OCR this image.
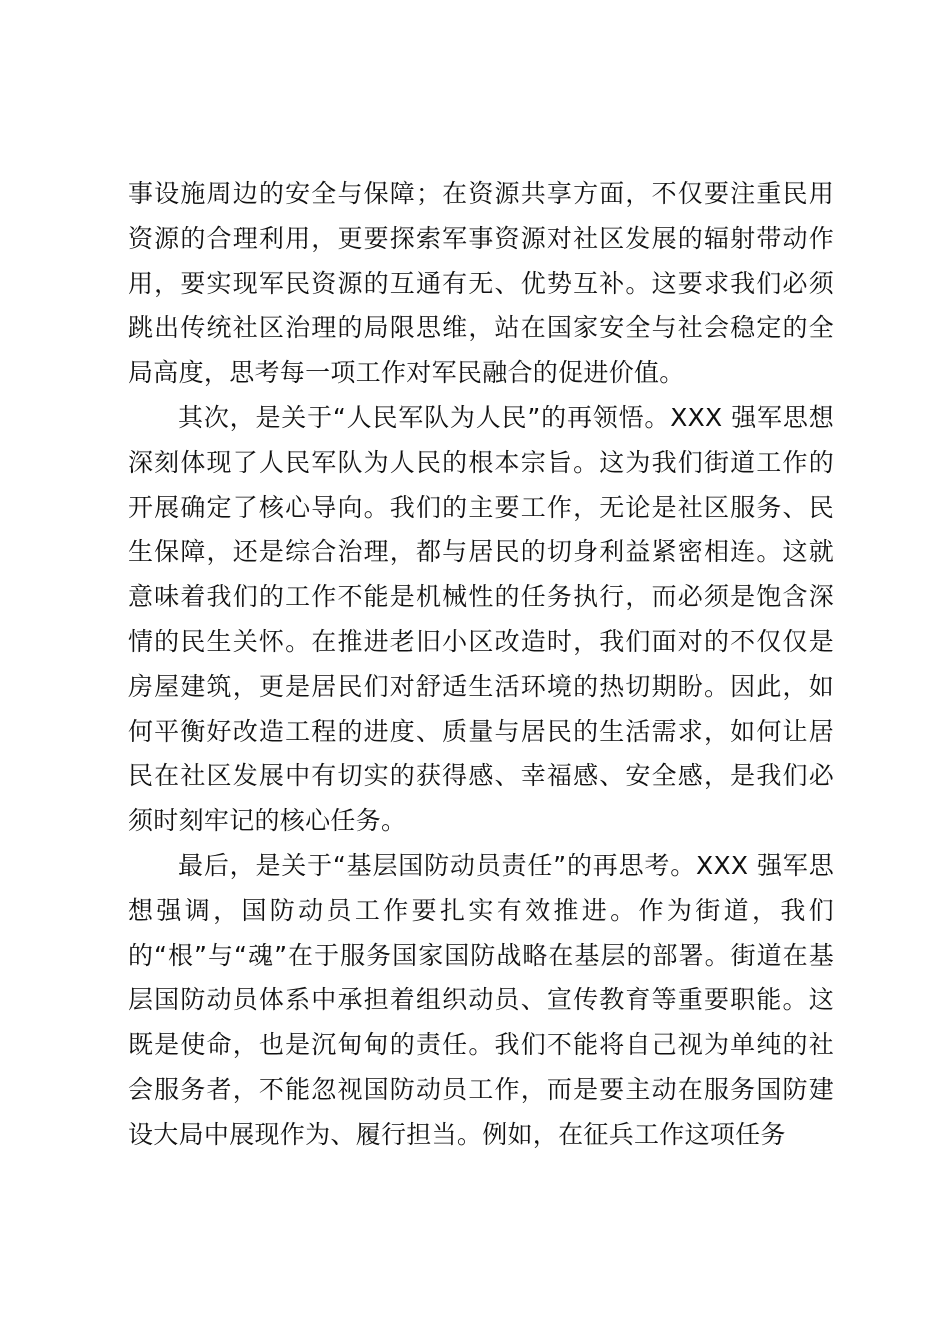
事设施周边的安全与保障；在资源共享方面，不仅要注重民用资源的合理利用，更要探索军事资源对社区发展的辐射带动作用，要实现军民资源的互通有无、优势互补。这要求我们必须跳出传统社区治理的局限思维，站在国家安全与社会稳定的全局高度，思考每一项工作对军民融合的促进价值。

其次，是关于“人民军队为人民”的再领悟。XXX 强军思想深刻体现了人民军队为人民的根本宗旨。这为我们街道工作的开展确定了核心导向。我们的主要工作，无论是社区服务、民生保障，还是综合治理，都与居民的切身利益紧密相连。这就意味着我们的工作不能是机械性的任务执行，而必须是饱含深情的民生关怀。在推进老旧小区改造时，我们面对的不仅仅是房屋建筑，更是居民们对舒适生活环境的热切期盼。因此，如何平衡好改造工程的进度、质量与居民的生活需求，如何让居民在社区发展中有切实的获得感、幸福感、安全感，是我们必须时刻牢记的核心任务。

最后，是关于“基层国防动员责任”的再思考。XXX 强军思想强调，国防动员工作要扎实有效推进。作为街道，我们的“根”与“魂”在于服务国家国防战略在基层的部署。街道在基层国防动员体系中承担着组织动员、宣传教育等重要职能。这既是使命，也是沉甸甸的责任。我们不能将自己视为单纯的社会服务者，不能忽视国防动员工作，而是要主动在服务国防建设大局中展现作为、履行担当。例如，在征兵工作这项任务
